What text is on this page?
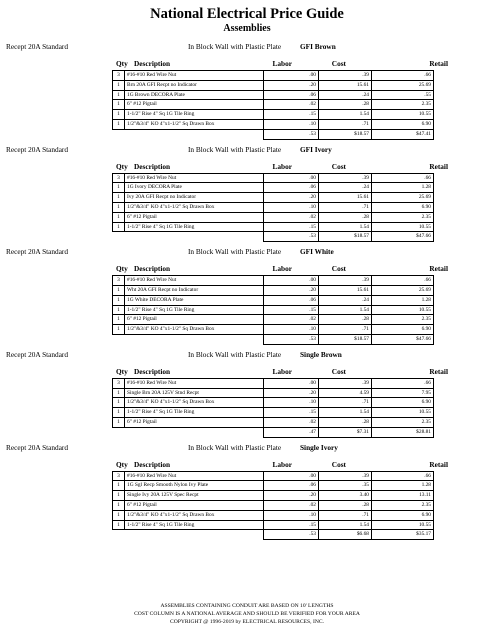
National Electrical Price Guide
Assemblies
Recept 20A Standard	In Block Wall with Plastic Plate	GFI Brown
Qty Description	Labor	Cost	Retail
3	#16-#10 Red Wire Nut	.00	.39	.66
1	Brn 20A GFI Recpt no Indicator	.20	15.61	25.69
1	1G Brown DECORA Plate	.06	.24	.55
1	6" #12 Pigtail	.02	.28	2.35
1	1-1/2" Rise 4" Sq 1G Tile Ring	.15	1.54	10.55
1	1/2"&3/4" KO 4"x1-1/2" Sq Drawn Box	.10	.71	6.90
		.53	$18.57	$47.41
Recept 20A Standard	In Block Wall with Plastic Plate	GFI Ivory
Qty Description	Labor	Cost	Retail
3	#16-#10 Red Wire Nut	.00	.39	.66
1	1G Ivory DECORA Plate	.06	.24	1.28
1	Ivy 20A GFI Recpt no Indicator	.20	15.61	25.69
1	1/2"&3/4" KO 4"x1-1/2" Sq Drawn Box	.10	.71	6.90
1	6" #12 Pigtail	.02	.28	2.35
1	1-1/2" Rise 4" Sq 1G Tile Ring	.15	1.54	10.55
		.53	$18.57	$47.66
Recept 20A Standard	In Block Wall with Plastic Plate	GFI White
Qty Description	Labor	Cost	Retail
3	#16-#10 Red Wire Nut	.00	.39	.66
1	Wht 20A GFI Recpt no Indicator	.20	15.61	25.69
1	1G White DECORA Plate	.06	.24	1.28
1	1-1/2" Rise 4" Sq 1G Tile Ring	.15	1.54	10.55
1	6" #12 Pigtail	.02	.28	2.35
1	1/2"&3/4" KO 4"x1-1/2" Sq Drawn Box	.10	.71	6.90
		.53	$18.57	$47.66
Recept 20A Standard	In Block Wall with Plastic Plate	Single Brown
Qty Description	Labor	Cost	Retail
3	#16-#10 Red Wire Nut	.00	.39	.66
1	Single Brn 20A 125V Stnd Recpt	.20	4.59	7.95
1	1/2"&3/4" KO 4"x1-1/2" Sq Drawn Box	.10	.71	6.90
1	1-1/2" Rise 4" Sq 1G Tile Ring	.15	1.54	10.55
1	6" #12 Pigtail	.02	.28	2.35
		.47	$7.31	$28.81
Recept 20A Standard	In Block Wall with Plastic Plate	Single Ivory
Qty Description	Labor	Cost	Retail
3	#16-#10 Red Wire Nut	.00	.39	.66
1	1G Sgl Recp Smooth Nylon Ivy Plate	.06	.35	1.28
1	Single Ivy 20A 125V Spec Recpt	.20	3.40	13.11
1	6" #12 Pigtail	.02	.28	2.35
1	1/2"&3/4" KO 4"x1-1/2" Sq Drawn Box	.10	.71	6.90
1	1-1/2" Rise 4" Sq 1G Tile Ring	.15	1.54	10.55
		.53	$6.68	$35.17
ASSEMBLIES CONTAINING CONDUIT ARE BASED ON 10' LENGTHS
COST COLUMN IS A NATIONAL AVERAGE AND SHOULD BE VERIFIED FOR YOUR AREA
COPYRIGHT @ 1996-2019 by ELECTRICAL RESOURCES, INC.
